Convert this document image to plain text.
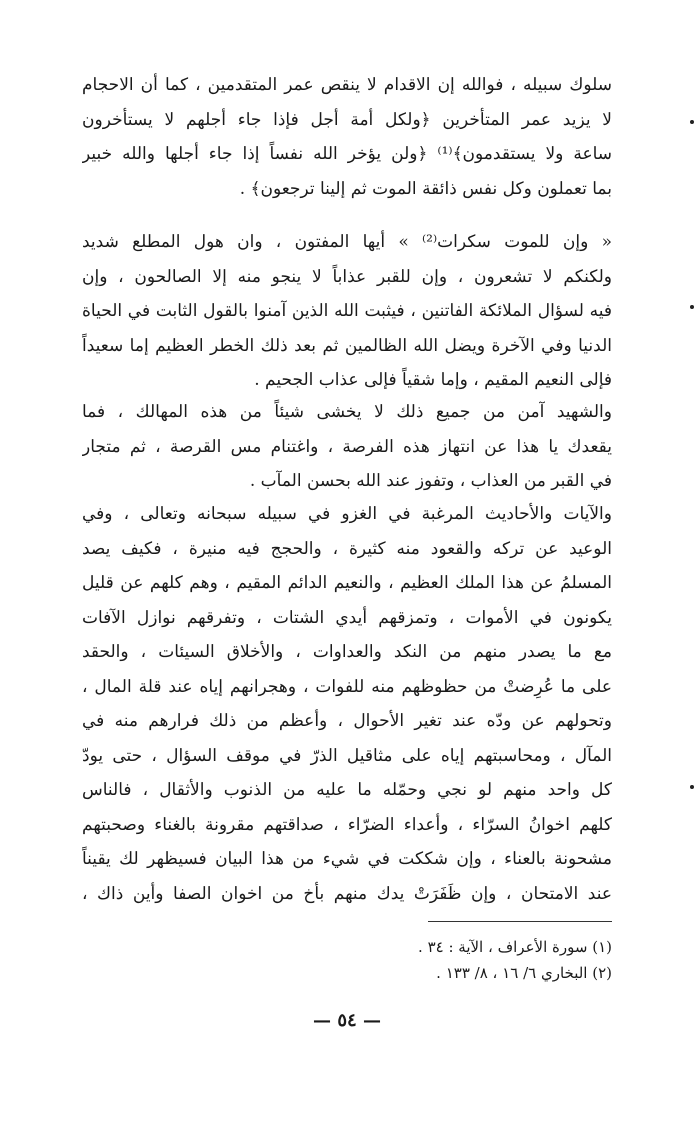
سلوك سبيله ، فوالله إن الاقدام لا ينقص عمر المتقدمين ، كما أن الاحجام
لا يزيد عمر المتأخرين ﴿ولكل أمة أجل فإذا جاء أجلهم لا يستأخرون
ساعة ولا يستقدمون﴾⁽¹⁾ ﴿ولن يؤخر الله نفساً إذا جاء أجلها والله خبير
بما تعملون وكل نفس ذائقة الموت ثم إلينا ترجعون﴾ .
« وإن للموت سكرات⁽²⁾ » أيها المفتون ، وان هول المطلع شديد
ولكنكم لا تشعرون ، وإن للقبر عذاباً لا ينجو منه إلا الصالحون ، وإن
فيه لسؤال الملائكة الفاتنين ، فيثبت الله الذين آمنوا بالقول الثابت في الحياة
الدنيا وفي الآخرة ويضل الله الظالمين ثم بعد ذلك الخطر العظيم إما سعيداً
فإلى النعيم المقيم ، وإما شقياً فإلى عذاب الجحيم .
والشهيد آمن من جميع ذلك لا يخشى شيئاً من هذه المهالك ، فما
يقعدك يا هذا عن انتهاز هذه الفرصة ، واغتنام مس القرصة ، ثم متجار
في القبر من العذاب ، وتفوز عند الله بحسن المآب .
والآيات والأحاديث المرغبة في الغزو في سبيله سبحانه وتعالى ، وفي
الوعيد عن تركه والقعود منه كثيرة ، والحجج فيه منيرة ، فكيف يصد
المسلمُ عن هذا الملك العظيم ، والنعيم الدائم المقيم ، وهم كلهم عن قليل
يكونون في الأموات ، وتمزقهم أيدي الشتات ، وتفرقهم نوازل الآفات
مع ما يصدر منهم من النكد والعداوات ، والأخلاق السيئات ، والحقد
على ما عُرِضتْ من حظوظهم منه للفوات ، وهجرانهم إياه عند قلة المال ،
وتحولهم عن ودّه عند تغير الأحوال ، وأعظم من ذلك فرارهم منه في
المآل ، ومحاسبتهم إياه على مثاقيل الذرّ في موقف السؤال ، حتى يودّ
كل واحد منهم لو نجي وحمّله ما عليه من الذنوب والأثقال ، فالناس
كلهم اخوانُ السرّاء ، وأعداء الضرّاء ، صداقتهم مقرونة بالغناء وصحبتهم
مشحونة بالعناء ، وإن شككت في شيء من هذا البيان فسيظهر لك يقيناً
عند الامتحان ، وإن ظَفَرَتْ يدك منهم بأخ من اخوان الصفا وأين ذاك ،
(١) سورة الأعراف ، الآية : ٣٤ .
(٢) البخاري ٦/ ١٦ ، ٨/ ١٣٣ .
— ٥٤ —
